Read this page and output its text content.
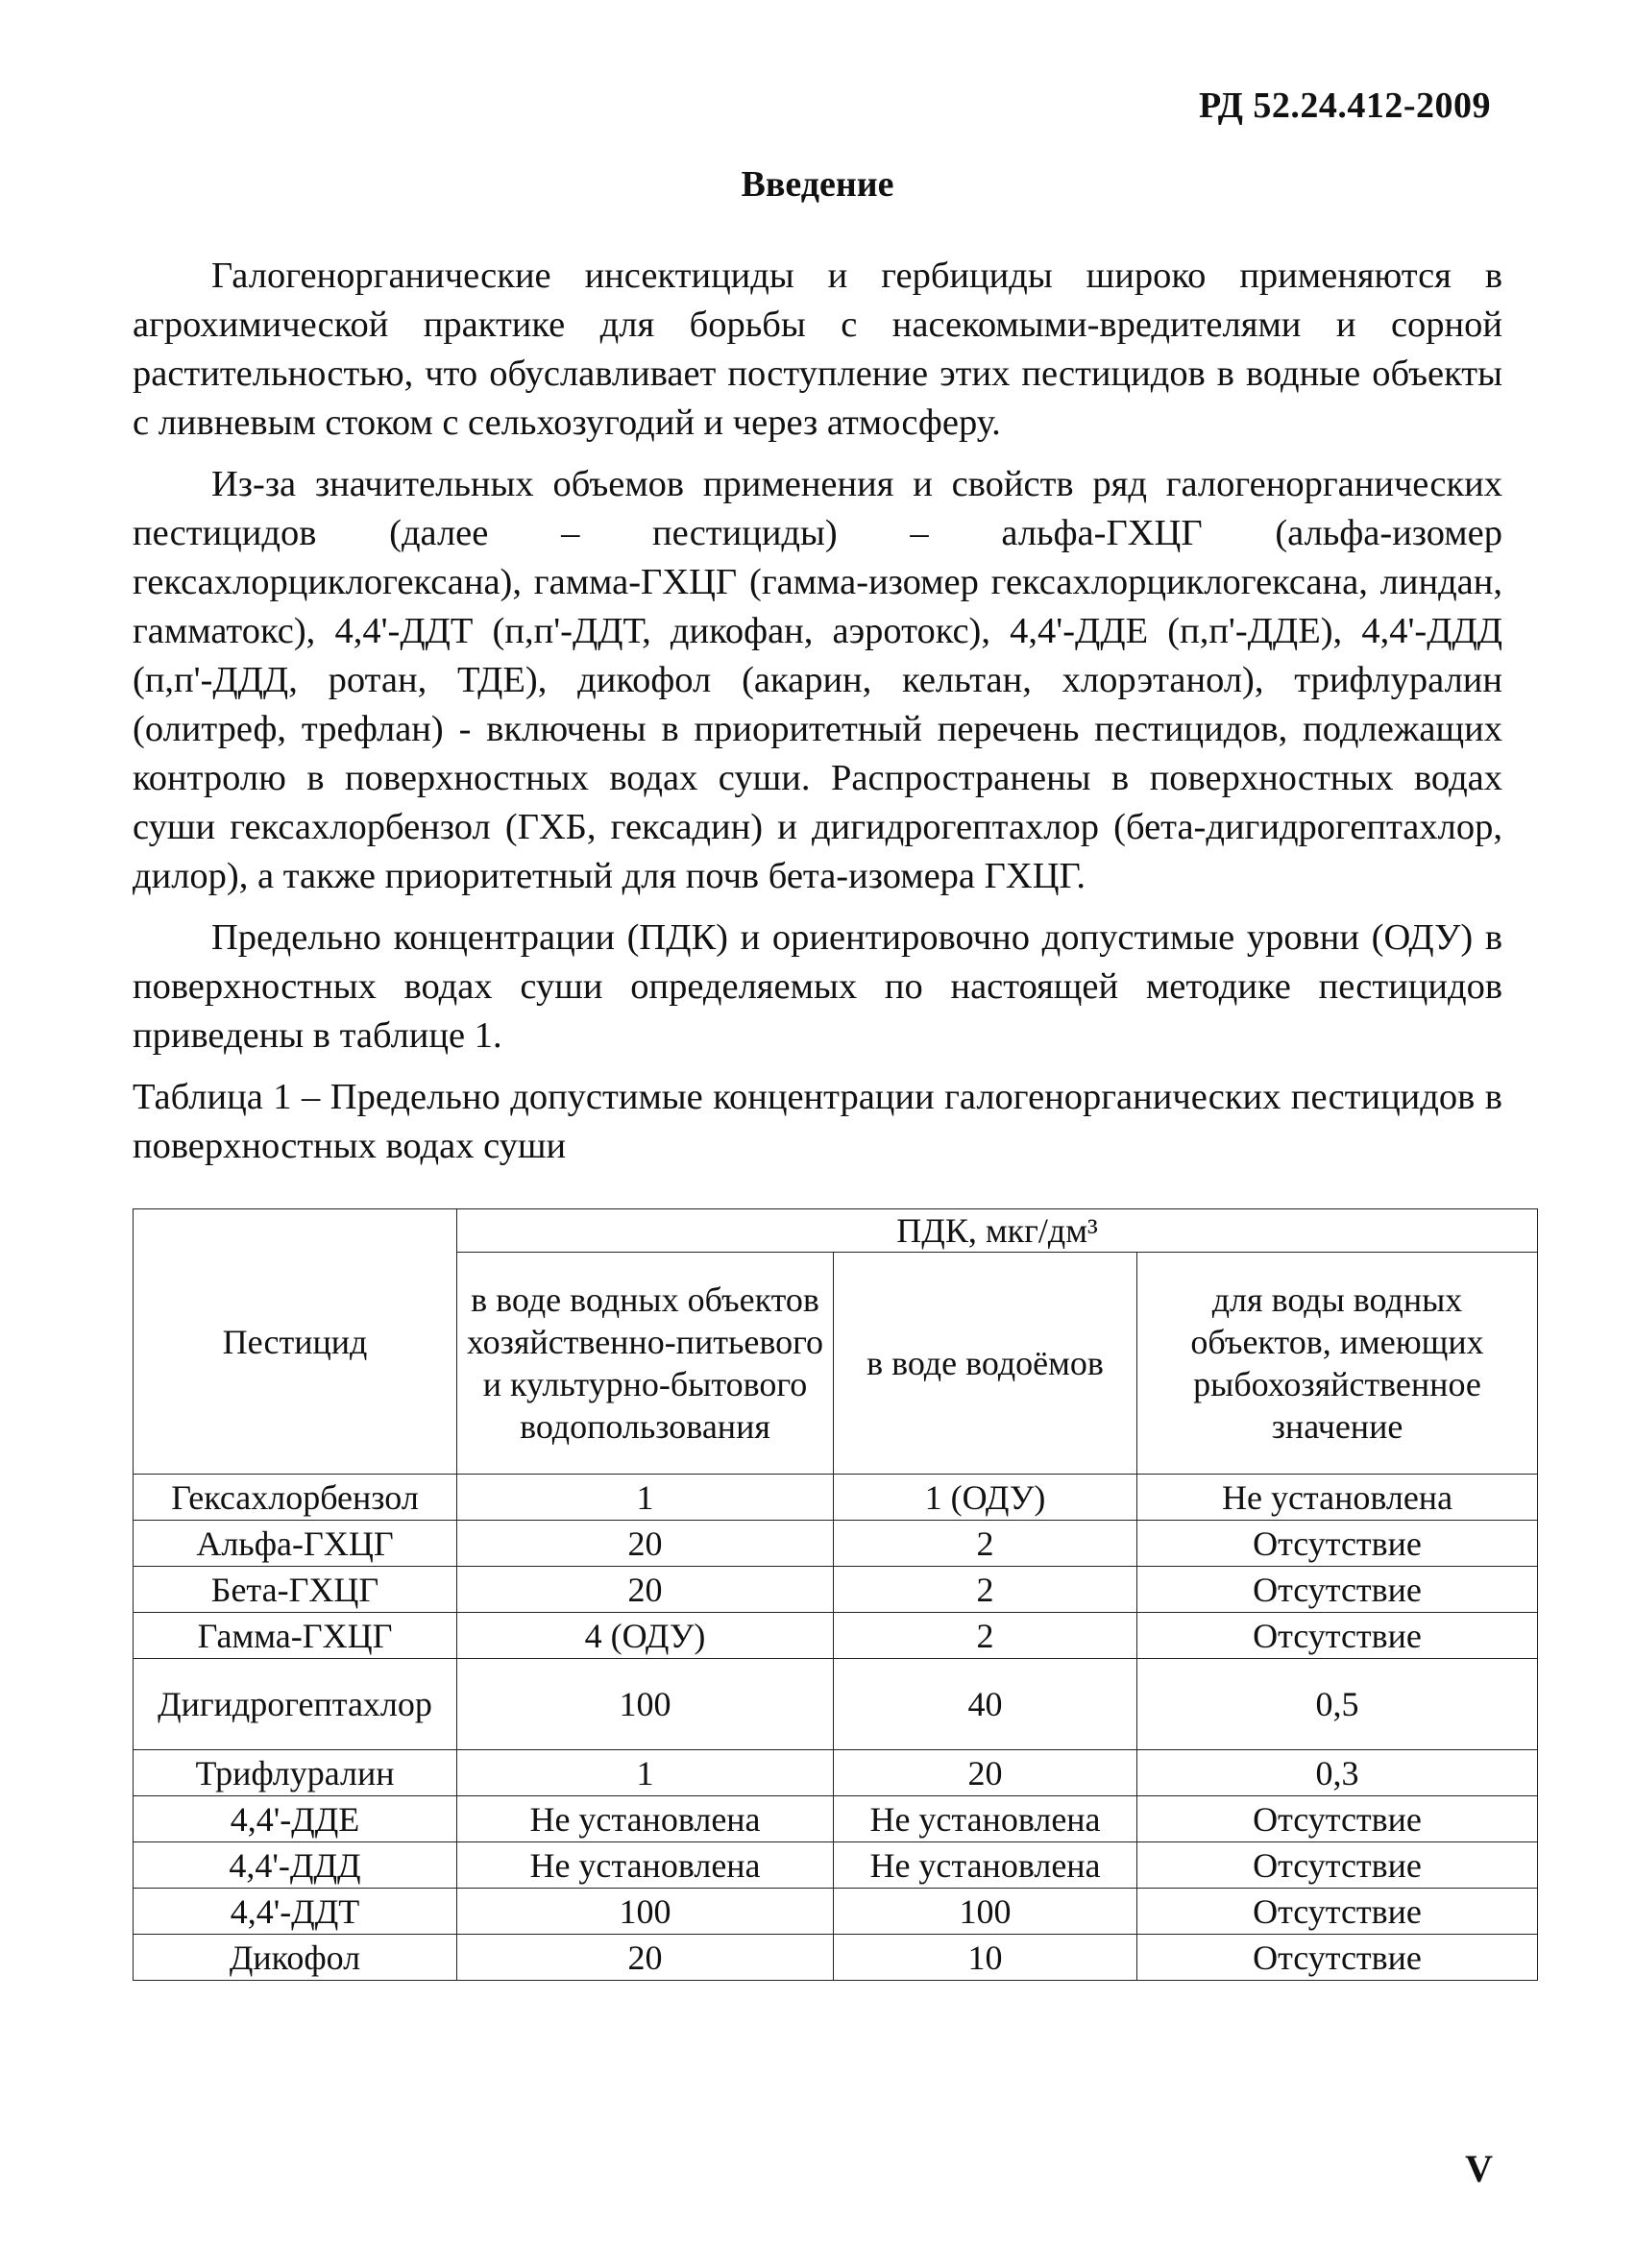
РД 52.24.412-2009
Введение

Галогенорганические инсектициды и гербициды широко применяются в агрохимической практике для борьбы с насекомыми-вредителями и сорной растительностью, что обуславливает поступление этих пестицидов в водные объекты с ливневым стоком с сельхозугодий и через атмосферу.

Из-за значительных объемов применения и свойств ряд галогенорганических пестицидов (далее – пестициды) – альфа-ГХЦГ (альфа-изомер гексахлорциклогексана), гамма-ГХЦГ (гамма-изомер гексахлорциклогексана, линдан, гамматокс), 4,4'-ДДТ (п,п'-ДДТ, дикофан, аэротокс), 4,4'-ДДЕ (п,п'-ДДЕ), 4,4'-ДДД (п,п'-ДДД, ротан, ТДЕ), дикофол (акарин, кельтан, хлорэтанол), трифлуралин (олитреф, трефлан) - включены в приоритетный перечень пестицидов, подлежащих контролю в поверхностных водах суши. Распространены в поверхностных водах суши гексахлорбензол (ГХБ, гексадин) и дигидрогептахлор (бета-дигидрогептахлор, дилор), а также приоритетный для почв бета-изомера ГХЦГ.

Предельно концентрации (ПДК) и ориентировочно допустимые уровни (ОДУ) в поверхностных водах суши определяемых по настоящей методике пестицидов приведены в таблице 1.

Таблица 1 – Предельно допустимые концентрации галогенорганических пестицидов в поверхностных водах суши

Пестицид	ПДК, мкг/дм³		
	в воде водных объектов хозяйственно-питьевого и культурно-бытового водопользования	в воде водоёмов	для воды водных объектов, имеющих рыбохозяйственное значение
Гексахлорбензол	1	1 (ОДУ)	Не установлена
Альфа-ГХЦГ	20	2	Отсутствие
Бета-ГХЦГ	20	2	Отсутствие
Гамма-ГХЦГ	4 (ОДУ)	2	Отсутствие
Дигидрогептахлор	100	40	0,5
Трифлуралин	1	20	0,3
4,4'-ДДЕ	Не установлена	Не установлена	Отсутствие
4,4'-ДДД	Не установлена	Не установлена	Отсутствие
4,4'-ДДТ	100	100	Отсутствие
Дикофол	20	10	Отсутствие
V
